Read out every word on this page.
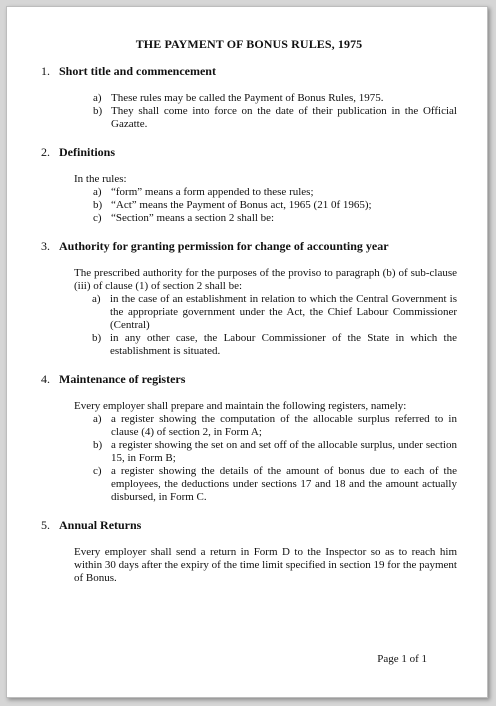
THE PAYMENT OF BONUS RULES, 1975
1. Short title and commencement
a) These rules may be called the Payment of Bonus Rules, 1975.
b) They shall come into force on the date of their publication in the Official Gazatte.
2. Definitions
In the rules:
a) “form” means a form appended to these rules;
b) “Act” means the Payment of Bonus act, 1965 (21 0f 1965);
c) “Section” means a section 2 shall be:
3. Authority for granting permission for change of accounting year
The prescribed authority for the purposes of the proviso to paragraph (b) of sub-clause (iii) of clause (1) of section 2 shall be:
a) in the case of an establishment in relation to which the Central Government is the appropriate government under the Act, the Chief Labour Commissioner (Central)
b) in any other case, the Labour Commissioner of the State in which the establishment is situated.
4. Maintenance of registers
Every employer shall prepare and maintain the following registers, namely:
a) a register showing the computation of the allocable surplus referred to in clause (4) of section 2, in Form A;
b) a register showing the set on and set off of the allocable surplus, under section 15, in Form B;
c) a register showing the details of the amount of bonus due to each of the employees, the deductions under sections 17 and 18 and the amount actually disbursed, in Form C.
5. Annual Returns
Every employer shall send a return in Form D to the Inspector so as to reach him within 30 days after the expiry of the time limit specified in section 19 for the payment of Bonus.
Page 1 of 1
